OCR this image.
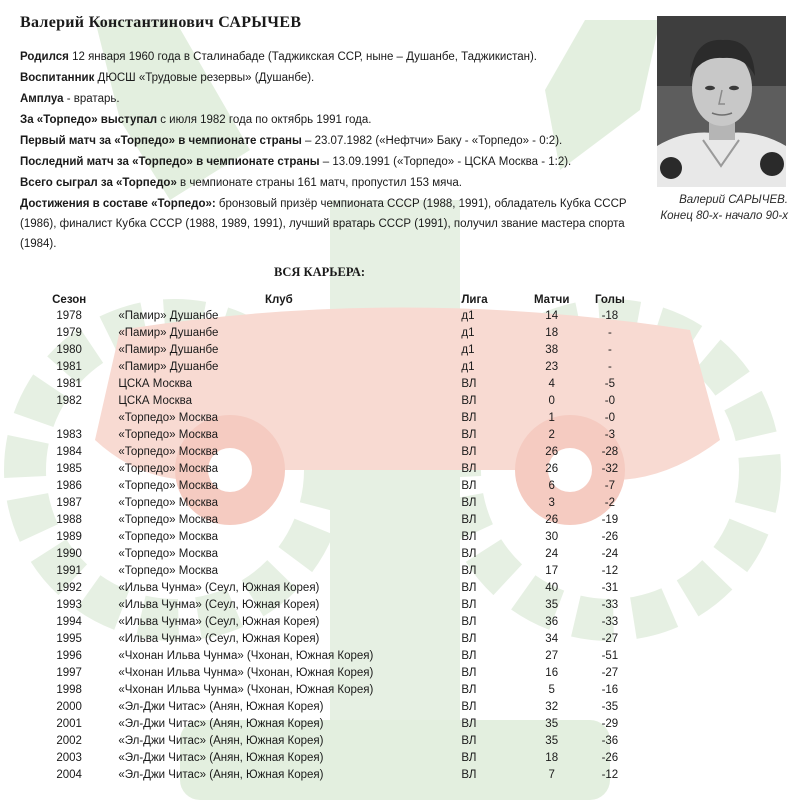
Валерий Константинович САРЫЧЕВ
Родился 12 января 1960 года в Сталинабаде (Таджикская ССР, ныне – Душанбе, Таджикистан).
Воспитанник ДЮСШ «Трудовые резервы» (Душанбе).
Амплуа - вратарь.
За «Торпедо» выступал с июля 1982 года по октябрь 1991 года.
Первый матч за «Торпедо» в чемпионате страны – 23.07.1982 («Нефтчи» Баку - «Торпедо» - 0:2).
Последний матч за «Торпедо» в чемпионате страны – 13.09.1991 («Торпедо» - ЦСКА Москва - 1:2).
Всего сыграл за «Торпедо» в чемпионате страны 161 матч, пропустил 153 мяча.
Достижения в составе «Торпедо»: бронзовый призёр чемпионата СССР (1988, 1991), обладатель Кубка СССР (1986), финалист Кубка СССР (1988, 1989, 1991), лучший вратарь СССР (1991), получил звание мастера спорта (1984).
Валерий САРЫЧЕВ.
Конец 80-х- начало 90-х
ВСЯ КАРЬЕРА:
Сезон	Клуб	Лига	Матчи	Голы
1978	«Памир» Душанбе	д1	14	-18
1979	«Памир» Душанбе	д1	18	-
1980	«Памир» Душанбе	д1	38	-
1981	«Памир» Душанбе	д1	23	-
1981	ЦСКА Москва	ВЛ	4	-5
1982	ЦСКА Москва	ВЛ	0	-0
	«Торпедо» Москва	ВЛ	1	-0
1983	«Торпедо» Москва	ВЛ	2	-3
1984	«Торпедо» Москва	ВЛ	26	-28
1985	«Торпедо» Москва	ВЛ	26	-32
1986	«Торпедо» Москва	ВЛ	6	-7
1987	«Торпедо» Москва	ВЛ	3	-2
1988	«Торпедо» Москва	ВЛ	26	-19
1989	«Торпедо» Москва	ВЛ	30	-26
1990	«Торпедо» Москва	ВЛ	24	-24
1991	«Торпедо» Москва	ВЛ	17	-12
1992	«Ильва Чунма» (Сеул, Южная Корея)	ВЛ	40	-31
1993	«Ильва Чунма» (Сеул, Южная Корея)	ВЛ	35	-33
1994	«Ильва Чунма» (Сеул, Южная Корея)	ВЛ	36	-33
1995	«Ильва Чунма» (Сеул, Южная Корея)	ВЛ	34	-27
1996	«Чхонан Ильва Чунма» (Чхонан, Южная Корея)	ВЛ	27	-51
1997	«Чхонан Ильва Чунма» (Чхонан, Южная Корея)	ВЛ	16	-27
1998	«Чхонан Ильва Чунма» (Чхонан, Южная Корея)	ВЛ	5	-16
2000	«Эл-Джи Читас» (Анян, Южная Корея)	ВЛ	32	-35
2001	«Эл-Джи Читас» (Анян, Южная Корея)	ВЛ	35	-29
2002	«Эл-Джи Читас» (Анян, Южная Корея)	ВЛ	35	-36
2003	«Эл-Джи Читас» (Анян, Южная Корея)	ВЛ	18	-26
2004	«Эл-Джи Читас» (Анян, Южная Корея)	ВЛ	7	-12
